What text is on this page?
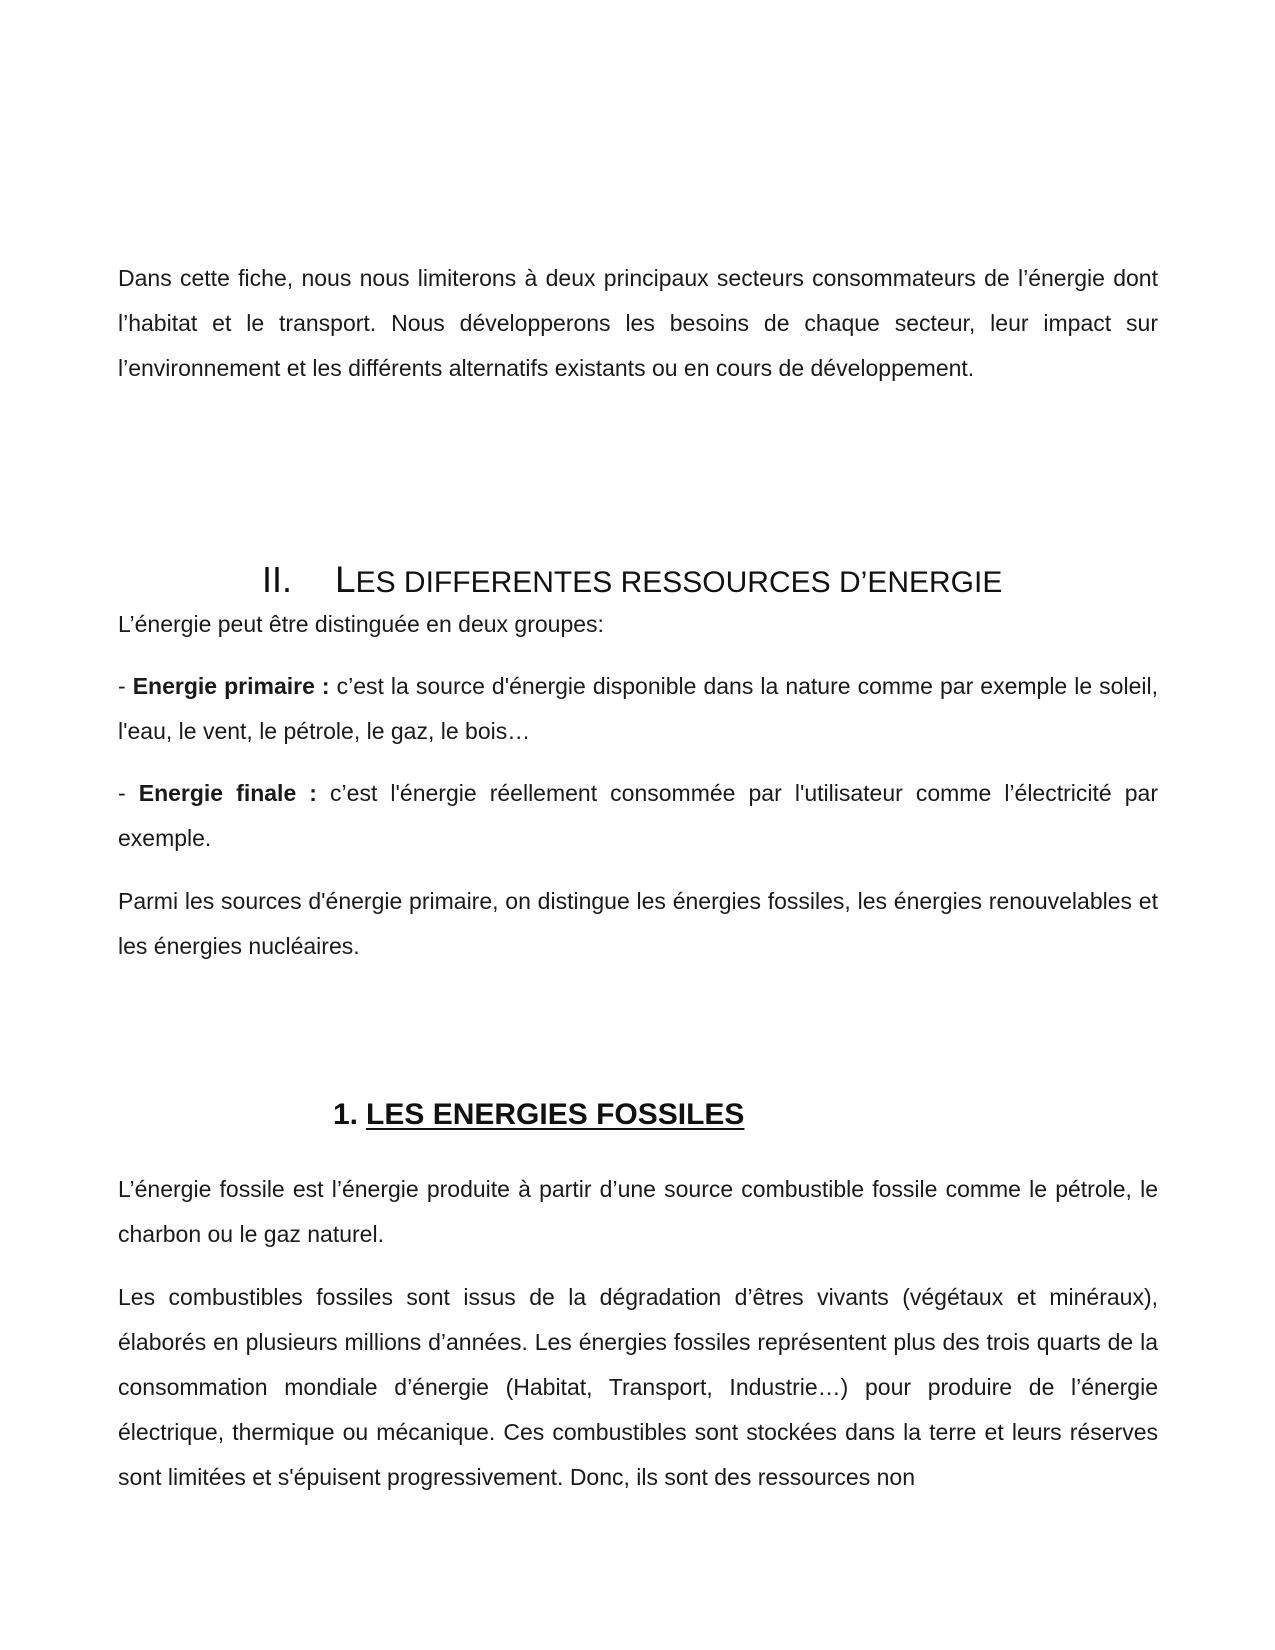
Dans cette fiche, nous nous limiterons à deux principaux secteurs consommateurs de l’énergie dont l’habitat et le transport. Nous développerons les besoins de chaque secteur, leur impact sur l’environnement et les différents alternatifs existants ou en cours de développement.

II. LES DIFFERENTES RESSOURCES D’ENERGIE

L’énergie peut être distinguée en deux groupes:

- Energie primaire : c’est la source d'énergie disponible dans la nature comme par exemple le soleil, l'eau, le vent, le pétrole, le gaz, le bois…

- Energie finale : c’est l'énergie réellement consommée par l'utilisateur comme l’électricité par exemple.

Parmi les sources d'énergie primaire, on distingue les énergies fossiles, les énergies renouvelables et les énergies nucléaires.

1. LES ENERGIES FOSSILES

L’énergie fossile est l’énergie produite à partir d’une source combustible fossile comme le pétrole, le charbon ou le gaz naturel.

Les combustibles fossiles sont issus de la dégradation d’êtres vivants (végétaux et minéraux), élaborés en plusieurs millions d’années. Les énergies fossiles représentent plus des trois quarts de la consommation mondiale d’énergie (Habitat, Transport, Industrie…) pour produire de l’énergie électrique, thermique ou mécanique. Ces combustibles sont stockées dans la terre et leurs réserves sont limitées et s'épuisent progressivement. Donc, ils sont des ressources non
